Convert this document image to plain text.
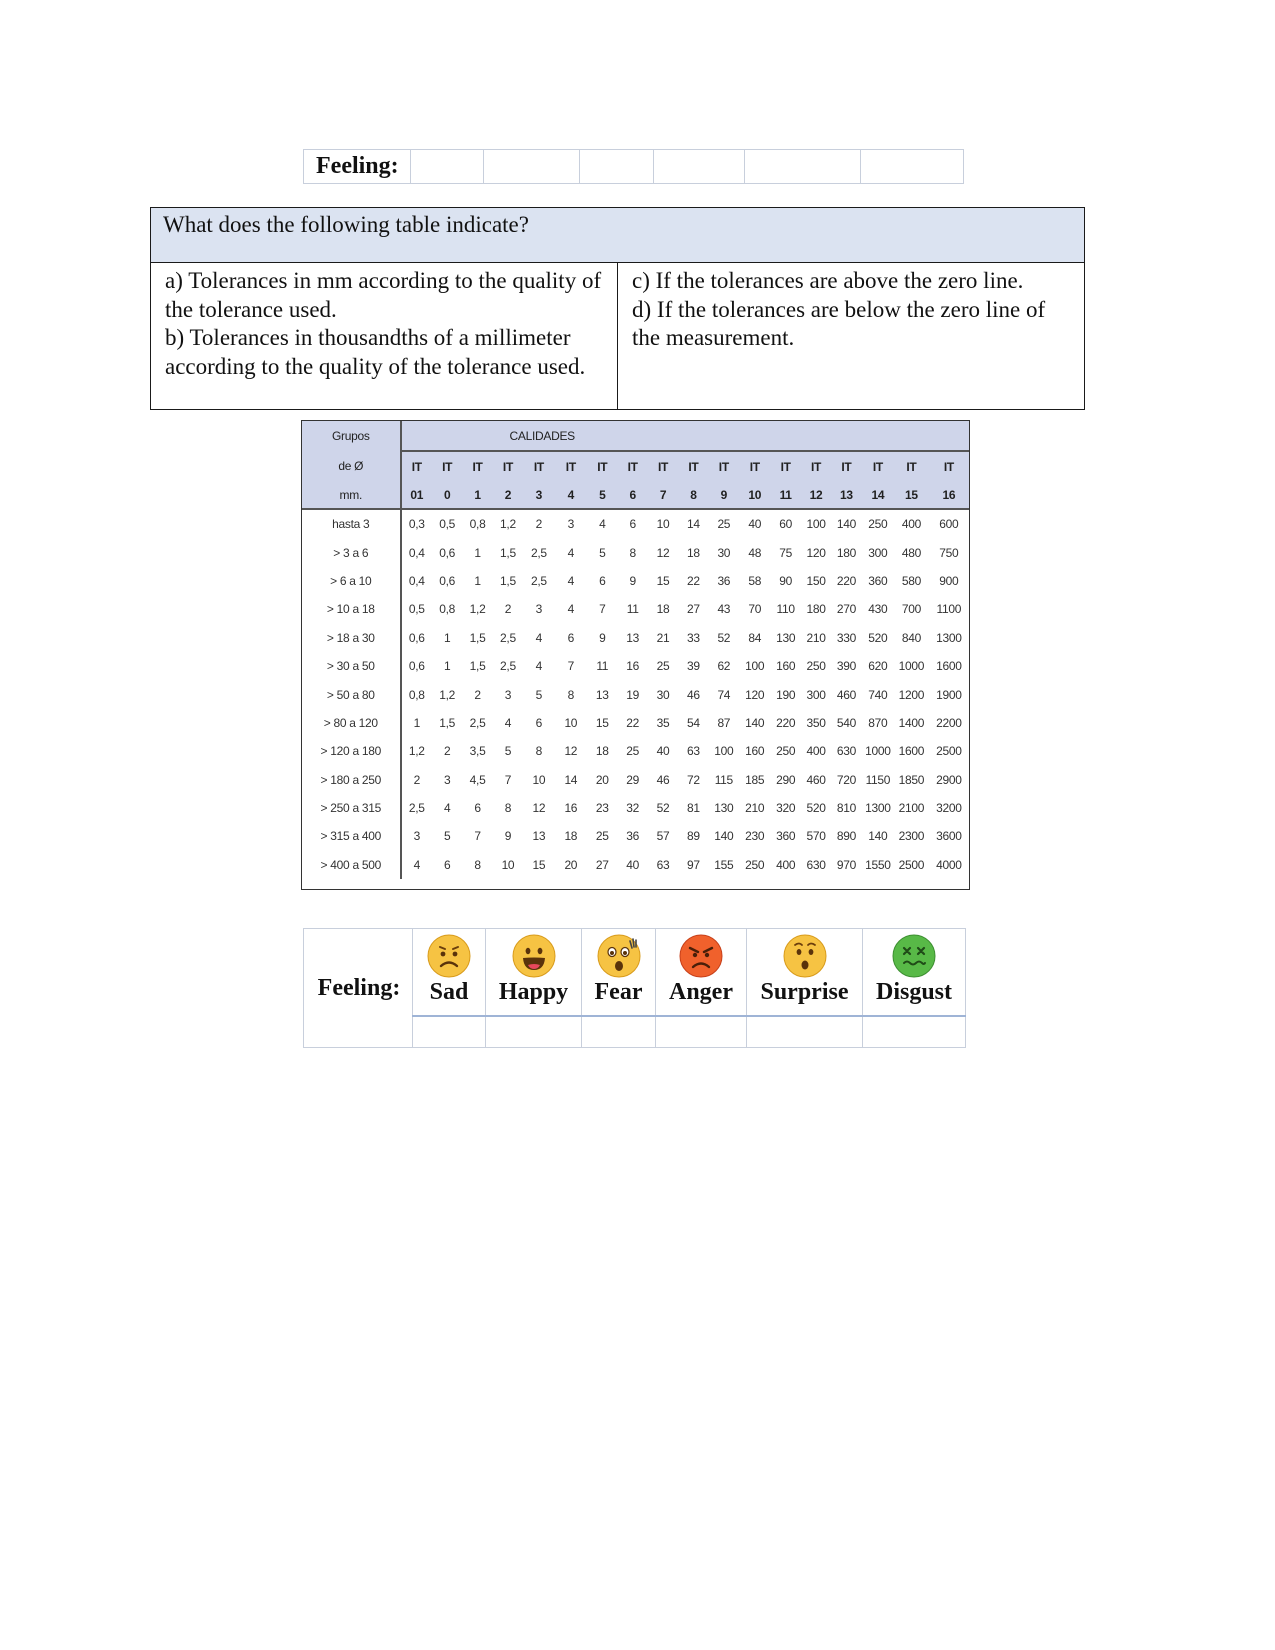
Feeling:						
What does the following table indicate?

a) Tolerances in mm according to the quality of the tolerance used.
b) Tolerances in thousandths of a millimeter according to the quality of the tolerance used.

c) If the tolerances are above the zero line.
d) If the tolerances are below the zero line of the measurement.
Grupos	CALIDADES																	
de Ø	IT	IT	IT	IT	IT	IT	IT	IT	IT	IT	IT	IT	IT	IT	IT	IT	IT	IT
mm.	01	0	1	2	3	4	5	6	7	8	9	10	11	12	13	14	15	16
hasta 3	0,3	0,5	0,8	1,2	2	3	4	6	10	14	25	40	60	100	140	250	400	600
> 3 a 6	0,4	0,6	1	1,5	2,5	4	5	8	12	18	30	48	75	120	180	300	480	750
> 6 a 10	0,4	0,6	1	1,5	2,5	4	6	9	15	22	36	58	90	150	220	360	580	900
> 10 a 18	0,5	0,8	1,2	2	3	4	7	11	18	27	43	70	110	180	270	430	700	1100
> 18 a 30	0,6	1	1,5	2,5	4	6	9	13	21	33	52	84	130	210	330	520	840	1300
> 30 a 50	0,6	1	1,5	2,5	4	7	11	16	25	39	62	100	160	250	390	620	1000	1600
> 50 a 80	0,8	1,2	2	3	5	8	13	19	30	46	74	120	190	300	460	740	1200	1900
> 80 a 120	1	1,5	2,5	4	6	10	15	22	35	54	87	140	220	350	540	870	1400	2200
> 120 a 180	1,2	2	3,5	5	8	12	18	25	40	63	100	160	250	400	630	1000	1600	2500
> 180 a 250	2	3	4,5	7	10	14	20	29	46	72	115	185	290	460	720	1150	1850	2900
> 250 a 315	2,5	4	6	8	12	16	23	32	52	81	130	210	320	520	810	1300	2100	3200
> 315 a 400	3	5	7	9	13	18	25	36	57	89	140	230	360	570	890	140	2300	3600
> 400 a 500	4	6	8	10	15	20	27	40	63	97	155	250	400	630	970	1550	2500	4000
Feeling:	Sad	Happy	Fear	Anger	Surprise	Disgust
